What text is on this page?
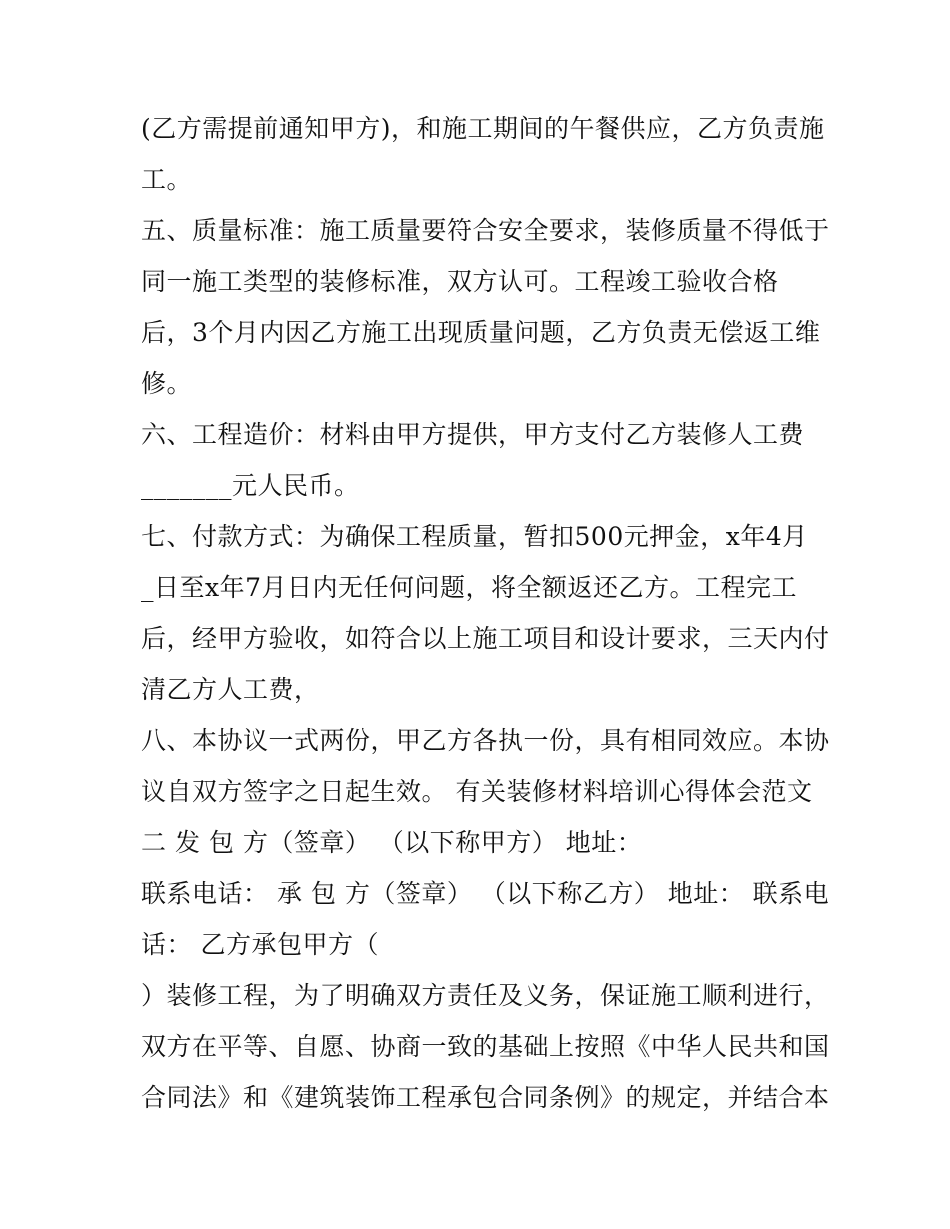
(乙方需提前通知甲方)，和施工期间的午餐供应，乙方负责施
工。
五、质量标准：施工质量要符合安全要求，装修质量不得低于
同一施工类型的装修标准，双方认可。工程竣工验收合格
后，3个月内因乙方施工出现质量问题，乙方负责无偿返工维
修。
六、工程造价：材料由甲方提供，甲方支付乙方装修人工费
_______元人民币。
七、付款方式：为确保工程质量，暂扣500元押金，x年4月
_日至x年7月日内无任何问题，将全额返还乙方。工程完工
后，经甲方验收，如符合以上施工项目和设计要求，三天内付
清乙方人工费，
八、本协议一式两份，甲乙方各执一份，具有相同效应。本协
议自双方签字之日起生效。 有关装修材料培训心得体会范文
二 发 包 方（签章） （以下称甲方） 地址：
联系电话： 承 包 方（签章） （以下称乙方） 地址： 联系电
话： 乙方承包甲方（
）装修工程，为了明确双方责任及义务，保证施工顺利进行，
双方在平等、自愿、协商一致的基础上按照《中华人民共和国
合同法》和《建筑装饰工程承包合同条例》的规定，并结合本
